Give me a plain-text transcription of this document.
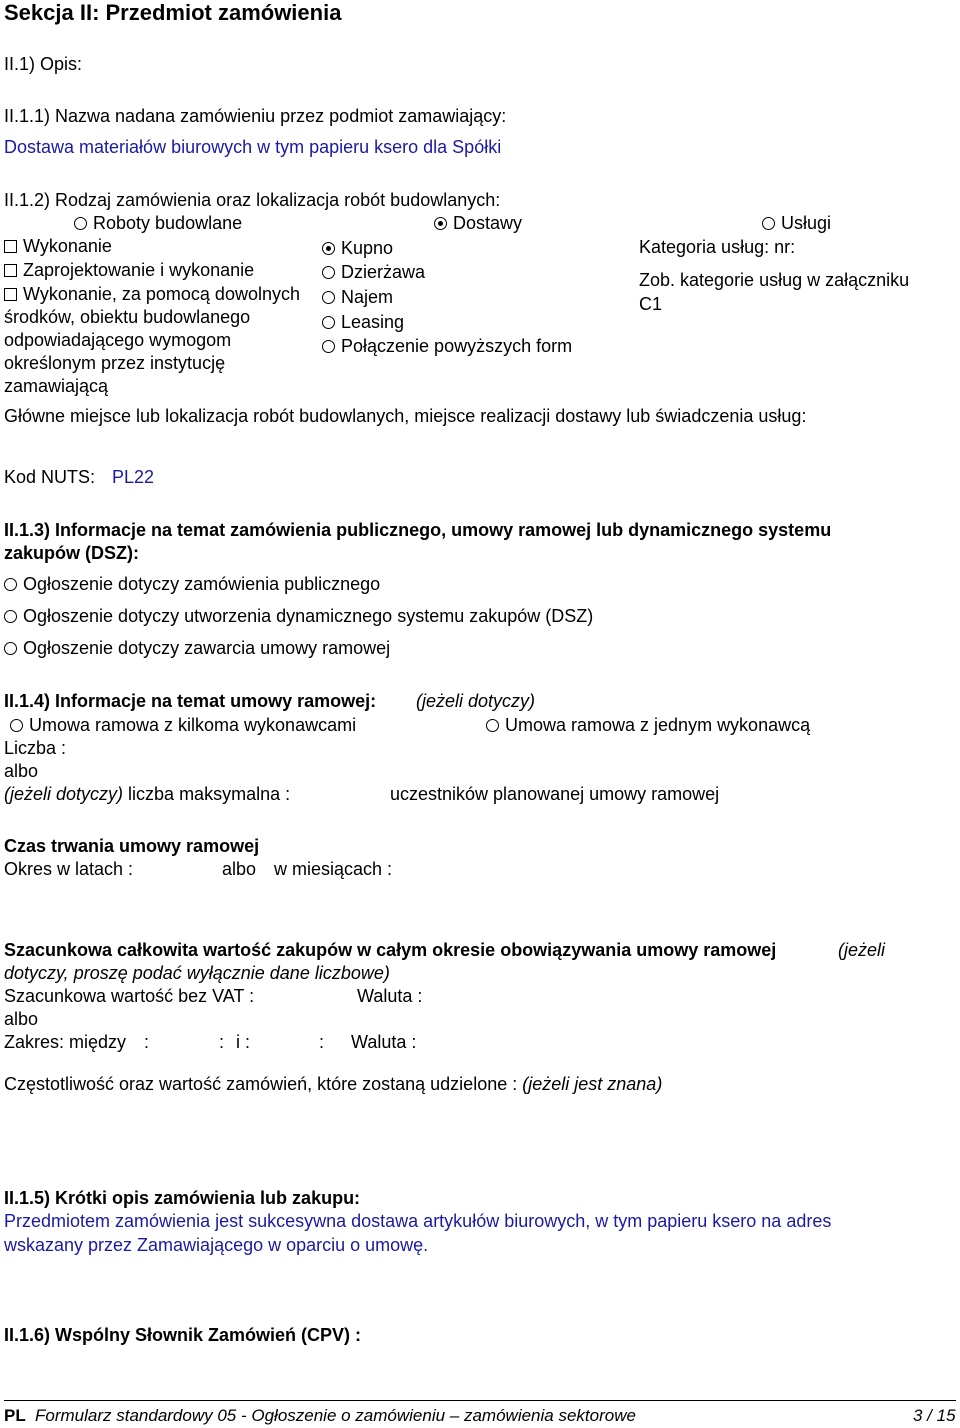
Sekcja II: Przedmiot zamówienia
II.1) Opis:
II.1.1) Nazwa nadana zamówieniu przez podmiot zamawiający:
Dostawa materiałów biurowych w tym papieru ksero dla Spółki
II.1.2) Rodzaj zamówienia oraz lokalizacja robót budowlanych:
Roboty budowlane	Dostawy	Usługi
Wykonanie
Zaprojektowanie i wykonanie
Wykonanie, za pomocą dowolnych
środków, obiektu budowlanego
odpowiadającego wymogom
określonym przez instytucję
zamawiającą
Kupno
Dzierżawa
Najem
Leasing
Połączenie powyższych form
Kategoria usług: nr:
Zob. kategorie usług w załączniku
C1
Główne miejsce lub lokalizacja robót budowlanych, miejsce realizacji dostawy lub świadczenia usług:
Kod NUTS: PL22
II.1.3) Informacje na temat zamówienia publicznego, umowy ramowej lub dynamicznego systemu
zakupów (DSZ):
Ogłoszenie dotyczy zamówienia publicznego
Ogłoszenie dotyczy utworzenia dynamicznego systemu zakupów (DSZ)
Ogłoszenie dotyczy zawarcia umowy ramowej
II.1.4) Informacje na temat umowy ramowej: (jeżeli dotyczy)
Umowa ramowa z kilkoma wykonawcami	Umowa ramowa z jednym wykonawcą
Liczba :
albo
(jeżeli dotyczy) liczba maksymalna :	uczestników planowanej umowy ramowej
Czas trwania umowy ramowej
Okres w latach :	albo w miesiącach :
Szacunkowa całkowita wartość zakupów w całym okresie obowiązywania umowy ramowej	(jeżeli
dotyczy, proszę podać wyłącznie dane liczbowe)
Szacunkowa wartość bez VAT :	Waluta :
albo
Zakres: między :	: i :	: Waluta :
Częstotliwość oraz wartość zamówień, które zostaną udzielone : (jeżeli jest znana)
II.1.5) Krótki opis zamówienia lub zakupu:
Przedmiotem zamówienia jest sukcesywna dostawa artykułów biurowych, w tym papieru ksero na adres
wskazany przez Zamawiającego w oparciu o umowę.
II.1.6) Wspólny Słownik Zamówień (CPV) :
PL Formularz standardowy 05 - Ogłoszenie o zamówieniu – zamówienia sektorowe	3 / 15
